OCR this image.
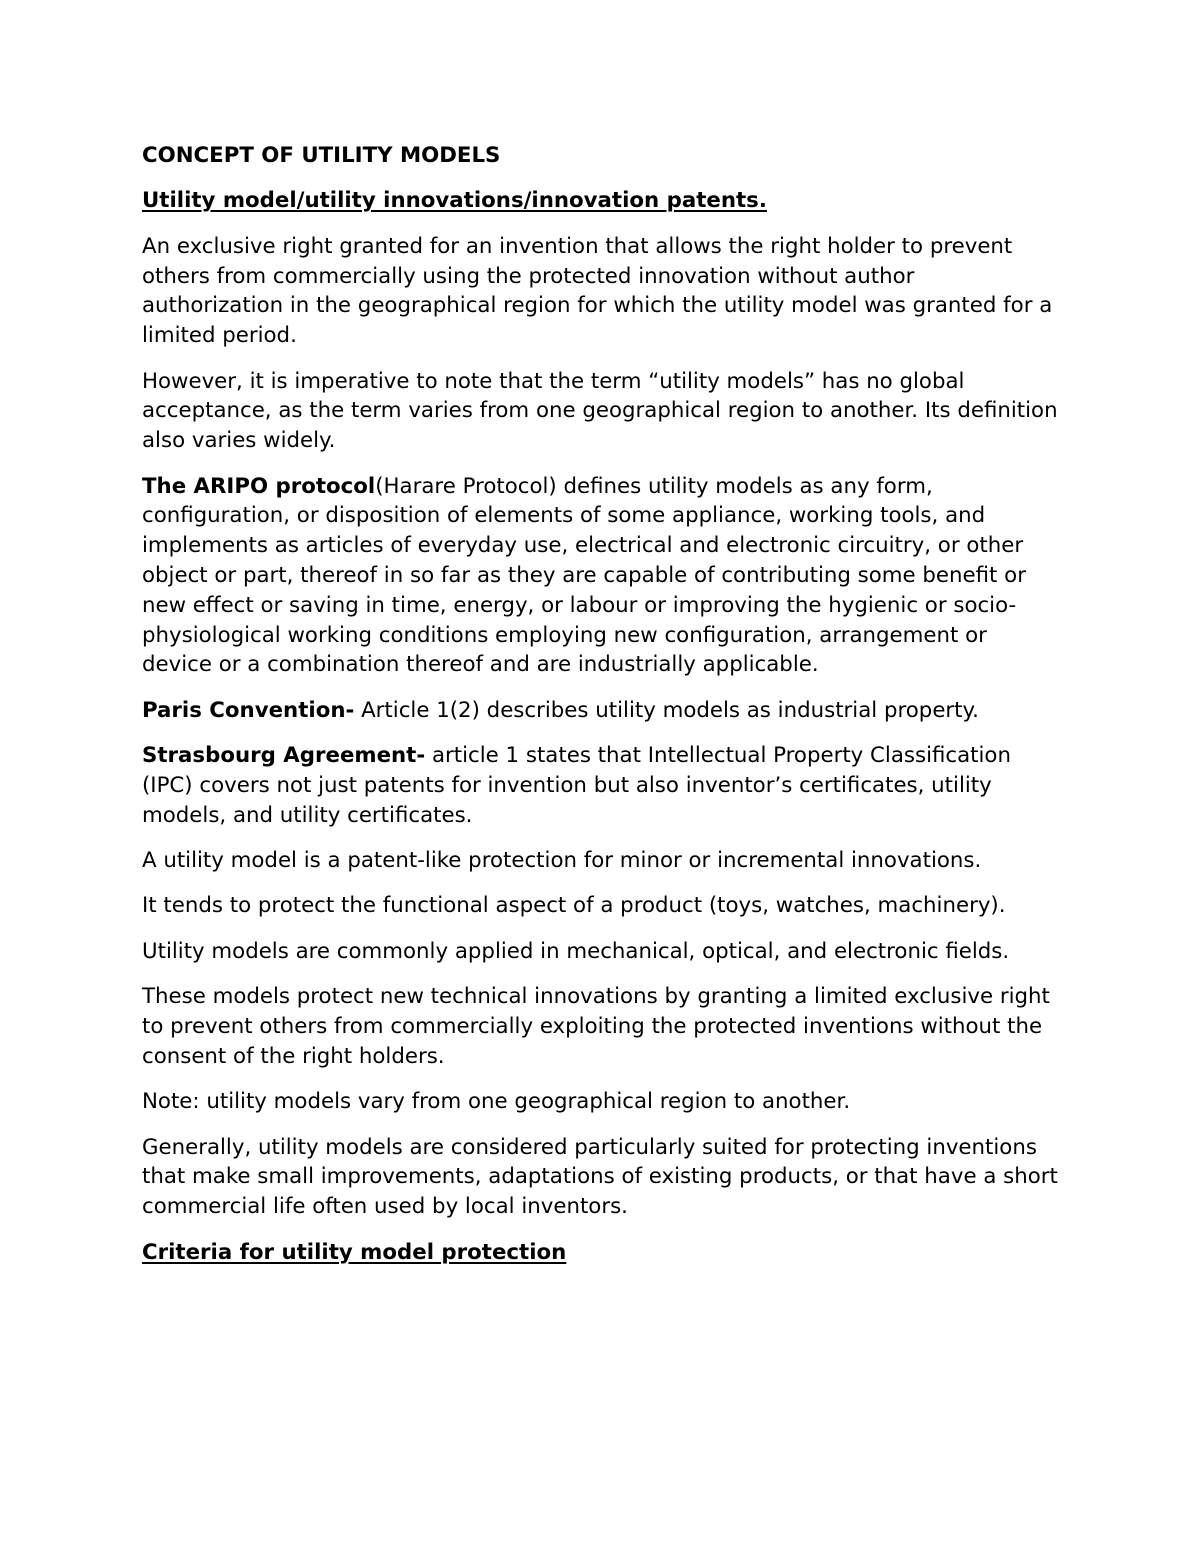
CONCEPT OF UTILITY MODELS

Utility model/utility innovations/innovation patents.

An exclusive right granted for an invention that allows the right holder to prevent others from commercially using the protected innovation without author authorization in the geographical region for which the utility model was granted for a limited period.

However, it is imperative to note that the term “utility models” has no global acceptance, as the term varies from one geographical region to another. Its definition also varies widely.

The ARIPO protocol(Harare Protocol) defines utility models as any form, configuration, or disposition of elements of some appliance, working tools, and implements as articles of everyday use, electrical and electronic circuitry, or other object or part, thereof in so far as they are capable of contributing some benefit or new effect or saving in time, energy, or labour or improving the hygienic or socio-physiological working conditions employing new configuration, arrangement or device or a combination thereof and are industrially applicable.

Paris Convention- Article 1(2) describes utility models as industrial property.

Strasbourg Agreement- article 1 states that Intellectual Property Classification (IPC) covers not just patents for invention but also inventor’s certificates, utility models, and utility certificates.

A utility model is a patent-like protection for minor or incremental innovations.

It tends to protect the functional aspect of a product (toys, watches, machinery).

Utility models are commonly applied in mechanical, optical, and electronic fields.

These models protect new technical innovations by granting a limited exclusive right to prevent others from commercially exploiting the protected inventions without the consent of the right holders.

Note: utility models vary from one geographical region to another.

Generally, utility models are considered particularly suited for protecting inventions that make small improvements, adaptations of existing products, or that have a short commercial life often used by local inventors.

Criteria for utility model protection
